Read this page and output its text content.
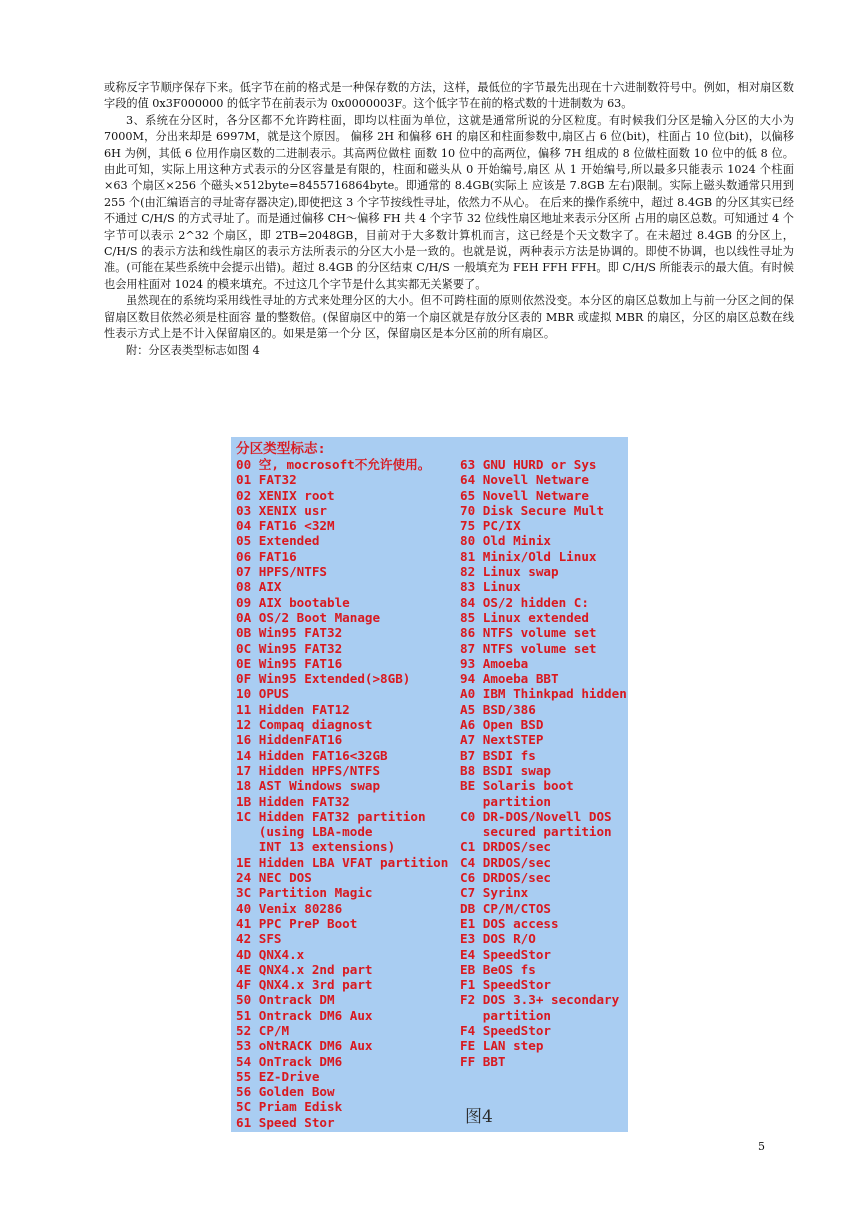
或称反字节顺序保存下来。低字节在前的格式是一种保存数的方法，这样，最低位的字节最先出现在十六进制数符号中。例如，相对扇区数字段的值 0x3F000000 的低字节在前表示为 0x0000003F。这个低字节在前的格式数的十进制数为 63。

3、系统在分区时，各分区都不允许跨柱面，即均以柱面为单位，这就是通常所说的分区粒度。有时候我们分区是输入分区的大小为 7000M，分出来却是 6997M，就是这个原因。 偏移 2H 和偏移 6H 的扇区和柱面参数中,扇区占 6 位(bit)，柱面占 10 位(bit)，以偏移 6H 为例，其低 6 位用作扇区数的二进制表示。其高两位做柱 面数 10 位中的高两位，偏移 7H 组成的 8 位做柱面数 10 位中的低 8 位。由此可知，实际上用这种方式表示的分区容量是有限的，柱面和磁头从 0 开始编号,扇区 从 1 开始编号,所以最多只能表示 1024 个柱面×63 个扇区×256 个磁头×512byte=8455716864byte。即通常的 8.4GB(实际上 应该是 7.8GB 左右)限制。实际上磁头数通常只用到 255 个(由汇编语言的寻址寄存器决定),即使把这 3 个字节按线性寻址，依然力不从心。 在后来的操作系统中，超过 8.4GB 的分区其实已经不通过 C/H/S 的方式寻址了。而是通过偏移 CH～偏移 FH 共 4 个字节 32 位线性扇区地址来表示分区所 占用的扇区总数。可知通过 4 个字节可以表示 2^32 个扇区，即 2TB=2048GB，目前对于大多数计算机而言，这已经是个天文数字了。在未超过 8.4GB 的分区上，C/H/S 的表示方法和线性扇区的表示方法所表示的分区大小是一致的。也就是说，两种表示方法是协调的。即使不协调，也以线性寻址为 准。(可能在某些系统中会提示出错)。超过 8.4GB 的分区结束 C/H/S 一般填充为 FEH FFH FFH。即 C/H/S 所能表示的最大值。有时候也会用柱面对 1024 的模来填充。不过这几个字节是什么其实都无关紧要了。

虽然现在的系统均采用线性寻址的方式来处理分区的大小。但不可跨柱面的原则依然没变。本分区的扇区总数加上与前一分区之间的保留扇区数目依然必须是柱面容 量的整数倍。(保留扇区中的第一个扇区就是存放分区表的 MBR 或虚拟 MBR 的扇区，分区的扇区总数在线性表示方式上是不计入保留扇区的。如果是第一个分 区，保留扇区是本分区前的所有扇区。

附：分区表类型标志如图 4

分区类型标志:
00 空, mocrosoft不允许使用。
01 FAT32
02 XENIX root
03 XENIX usr
04 FAT16 <32M
05 Extended
06 FAT16
07 HPFS/NTFS
08 AIX
09 AIX bootable
0A OS/2 Boot Manage
0B Win95 FAT32
0C Win95 FAT32
0E Win95 FAT16
0F Win95 Extended(>8GB)
10 OPUS
11 Hidden FAT12
12 Compaq diagnost
16 HiddenFAT16
14 Hidden FAT16<32GB
17 Hidden HPFS/NTFS
18 AST Windows swap
1B Hidden FAT32
1C Hidden FAT32 partition
(using LBA-mode
INT 13 extensions)
1E Hidden LBA VFAT partition
24 NEC DOS
3C Partition Magic
40 Venix 80286
41 PPC PreP Boot
42 SFS
4D QNX4.x
4E QNX4.x 2nd part
4F QNX4.x 3rd part
50 Ontrack DM
51 Ontrack DM6 Aux
52 CP/M
53 oNtRACK DM6 Aux
54 OnTrack DM6
55 EZ-Drive
56 Golden Bow
5C Priam Edisk
61 Speed Stor
63 GNU HURD or Sys
64 Novell Netware
65 Novell Netware
70 Disk Secure Mult
75 PC/IX
80 Old Minix
81 Minix/Old Linux
82 Linux swap
83 Linux
84 OS/2 hidden C:
85 Linux extended
86 NTFS volume set
87 NTFS volume set
93 Amoeba
94 Amoeba BBT
A0 IBM Thinkpad hidden
A5 BSD/386
A6 Open BSD
A7 NextSTEP
B7 BSDI fs
B8 BSDI swap
BE Solaris boot
partition
C0 DR-DOS/Novell DOS
secured partition
C1 DRDOS/sec
C4 DRDOS/sec
C6 DRDOS/sec
C7 Syrinx
DB CP/M/CTOS
E1 DOS access
E3 DOS R/O
E4 SpeedStor
EB BeOS fs
F1 SpeedStor
F2 DOS 3.3+ secondary
partition
F4 SpeedStor
FE LAN step
FF BBT
图4
5
